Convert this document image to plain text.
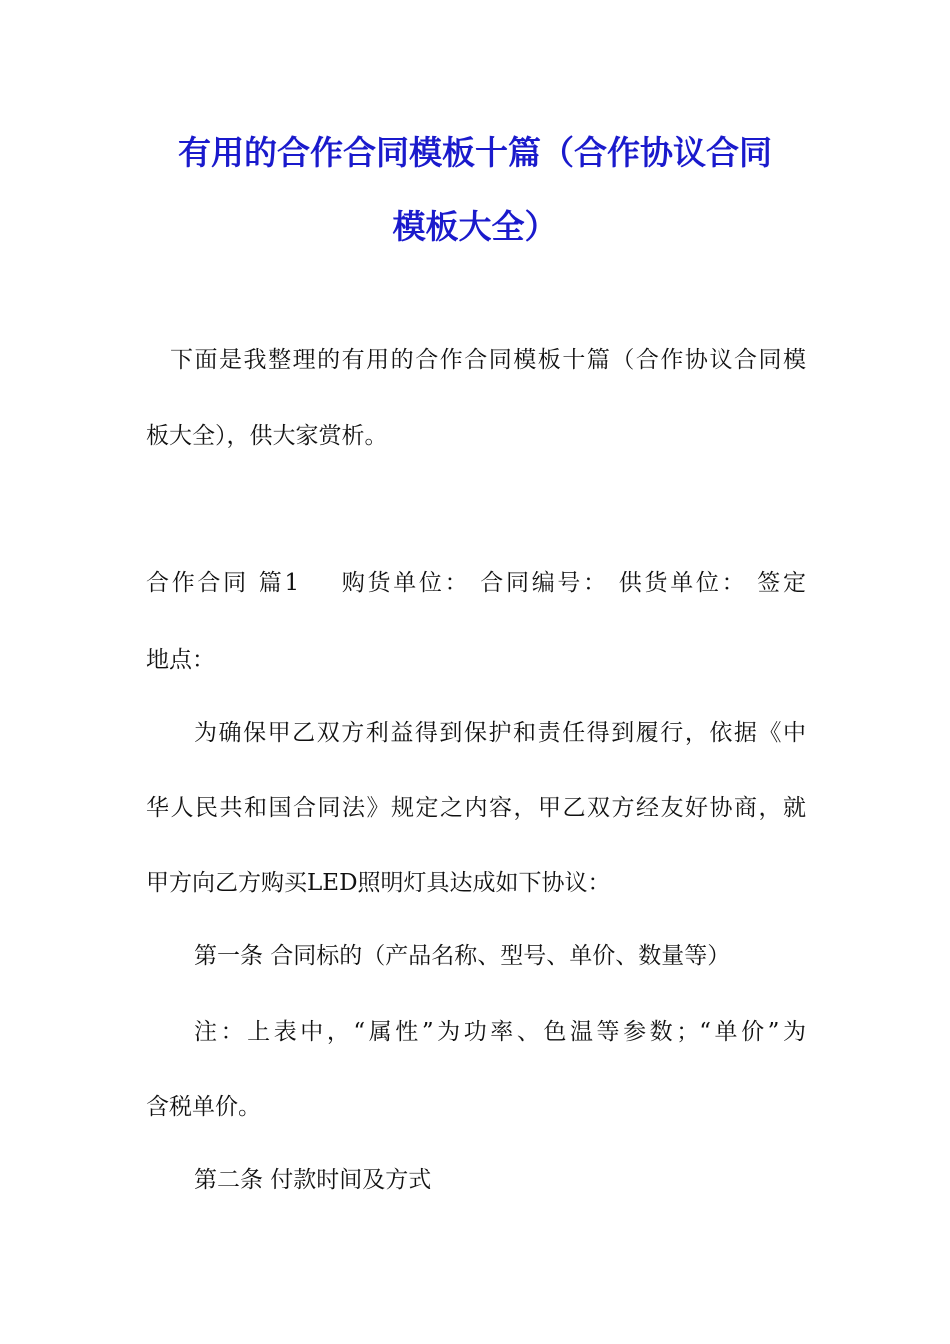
有用的合作合同模板十篇（合作协议合同
模板大全）
下面是我整理的有用的合作合同模板十篇（合作协议合同模
板大全），供大家赏析。
合作合同 篇1 购货单位： 合同编号： 供货单位： 签定
地点：
为确保甲乙双方利益得到保护和责任得到履行，依据《中
华人民共和国合同法》规定之内容，甲乙双方经友好协商，就
甲方向乙方购买LED照明灯具达成如下协议：
第一条 合同标的（产品名称、型号、单价、数量等）
注：上表中，“属性”为功率、色温等参数；“单价”为
含税单价。
第二条 付款时间及方式
